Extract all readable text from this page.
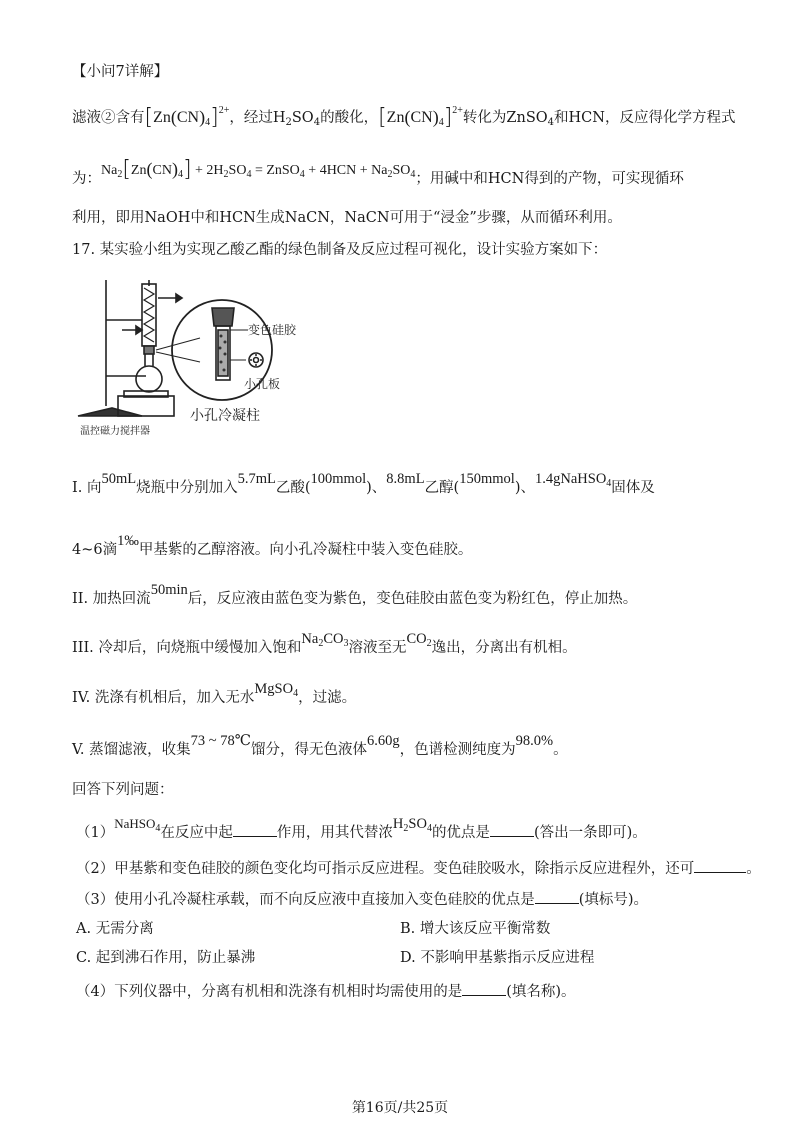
【小问7详解】
滤液②含有$[Zn(CN)_4]^{2+}$，经过$H_2SO_4$的酸化，$[Zn(CN)_4]^{2+}$转化为ZnSO$_4$和HCN，反应得化学方程式
为：$Na_2[Zn(CN)_4] + 2H_2SO_4$ = ZnSO$_4$ + $4HCN + Na_2SO_4$；用碱中和HCN得到的产物，可实现循环
利用，即用NaOH中和HCN生成NaCN，NaCN可用于“浸金”步骤，从而循环利用。
17. 某实验小组为实现乙酸乙酯的绿色制备及反应过程可视化，设计实验方案如下：
变色硅胶
小孔板
小孔冷凝柱
温控磁力搅拌器
I. 向50mL烧瓶中分别加入5.7mL乙酸(100mmol)、8.8mL乙醇(150mmol)、1.4gNaHSO$_4$固体及
4~6滴1‰甲基紫的乙醇溶液。向小孔冷凝柱中装入变色硅胶。
II. 加热回流50min后，反应液由蓝色变为紫色，变色硅胶由蓝色变为粉红色，停止加热。
III. 冷却后，向烧瓶中缓慢加入饱和$Na_2CO_3$溶液至无$CO_2$逸出，分离出有机相。
IV. 洗涤有机相后，加入无水MgSO$_4$，过滤。
V. 蒸馏滤液，收集73 ~ 78℃馏分，得无色液体6.60g，色谱检测纯度为98.0%。
回答下列问题：
（1）NaHSO$_4$在反应中起	作用，用其代替浓$H_2SO_4$的优点是	(答出一条即可)。
（2）甲基紫和变色硅胶的颜色变化均可指示反应进程。变色硅胶吸水，除指示反应进程外，还可	。
（3）使用小孔冷凝柱承载，而不向反应液中直接加入变色硅胶的优点是	(填标号)。
A. 无需分离	B. 增大该反应平衡常数
C. 起到沸石作用，防止暴沸	D. 不影响甲基紫指示反应进程
（4）下列仪器中，分离有机相和洗涤有机相时均需使用的是	(填名称)。
第16页/共25页
